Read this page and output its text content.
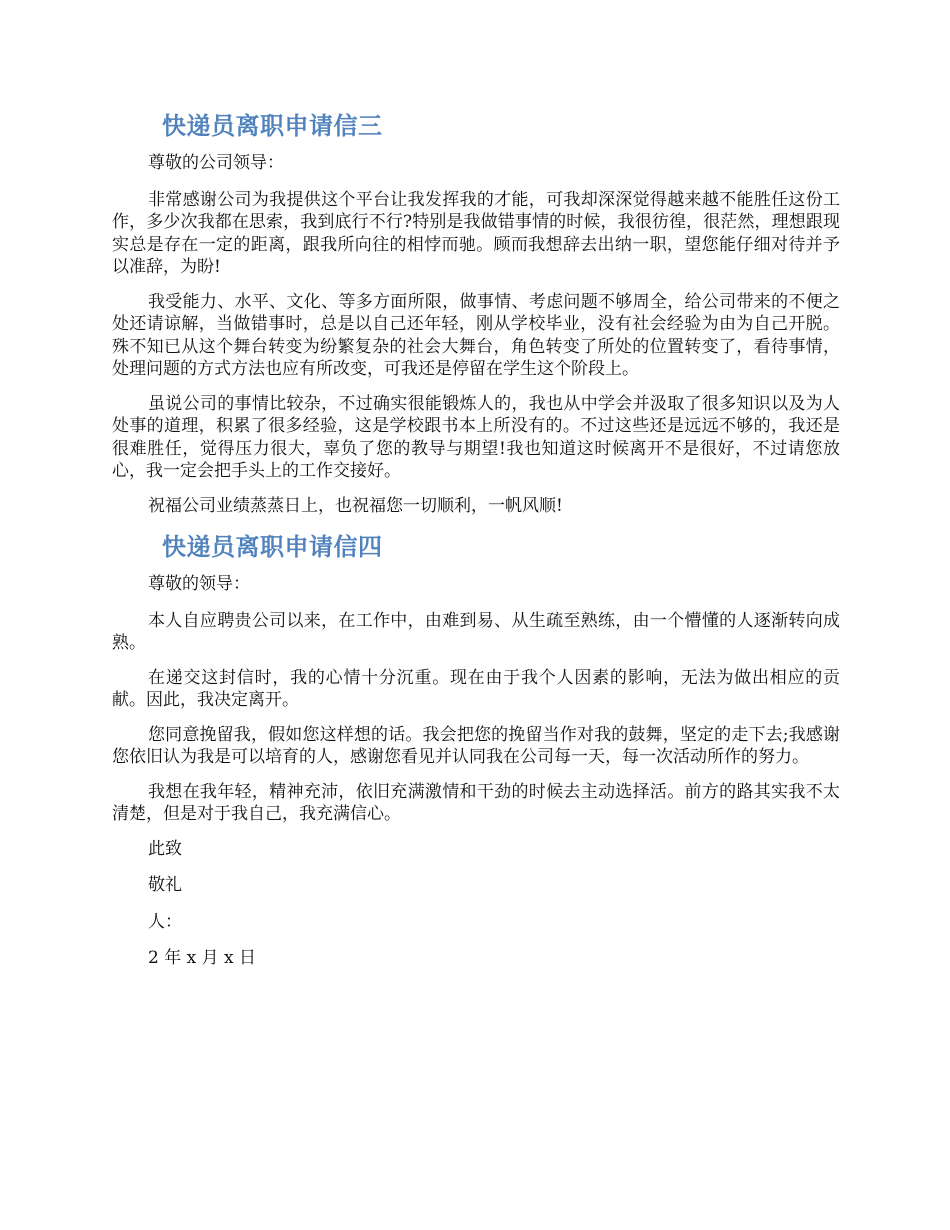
快递员离职申请信三

尊敬的公司领导：

非常感谢公司为我提供这个平台让我发挥我的才能，可我却深深觉得越来越不能胜任这份工作，多少次我都在思索，我到底行不行?特别是我做错事情的时候，我很彷徨，很茫然，理想跟现实总是存在一定的距离，跟我所向往的相悖而驰。顾而我想辞去出纳一职，望您能仔细对待并予以准辞，为盼!

我受能力、水平、文化、等多方面所限，做事情、考虑问题不够周全，给公司带来的不便之处还请谅解，当做错事时，总是以自己还年轻，刚从学校毕业，没有社会经验为由为自己开脱。殊不知已从这个舞台转变为纷繁复杂的社会大舞台，角色转变了所处的位置转变了，看待事情，处理问题的方式方法也应有所改变，可我还是停留在学生这个阶段上。

虽说公司的事情比较杂，不过确实很能锻炼人的，我也从中学会并汲取了很多知识以及为人处事的道理，积累了很多经验，这是学校跟书本上所没有的。不过这些还是远远不够的，我还是很难胜任，觉得压力很大，辜负了您的教导与期望!我也知道这时候离开不是很好，不过请您放心，我一定会把手头上的工作交接好。

祝福公司业绩蒸蒸日上，也祝福您一切顺利，一帆风顺!

快递员离职申请信四

尊敬的领导：

本人自应聘贵公司以来，在工作中，由难到易、从生疏至熟练，由一个懵懂的人逐渐转向成熟。

在递交这封信时，我的心情十分沉重。现在由于我个人因素的影响，无法为做出相应的贡献。因此，我决定离开。

您同意挽留我，假如您这样想的话。我会把您的挽留当作对我的鼓舞，坚定的走下去;我感谢您依旧认为我是可以培育的人，感谢您看见并认同我在公司每一天，每一次活动所作的努力。

我想在我年轻，精神充沛，依旧充满激情和干劲的时候去主动选择活。前方的路其实我不太清楚，但是对于我自己，我充满信心。

此致

敬礼

人：

2 年 x 月 x 日
